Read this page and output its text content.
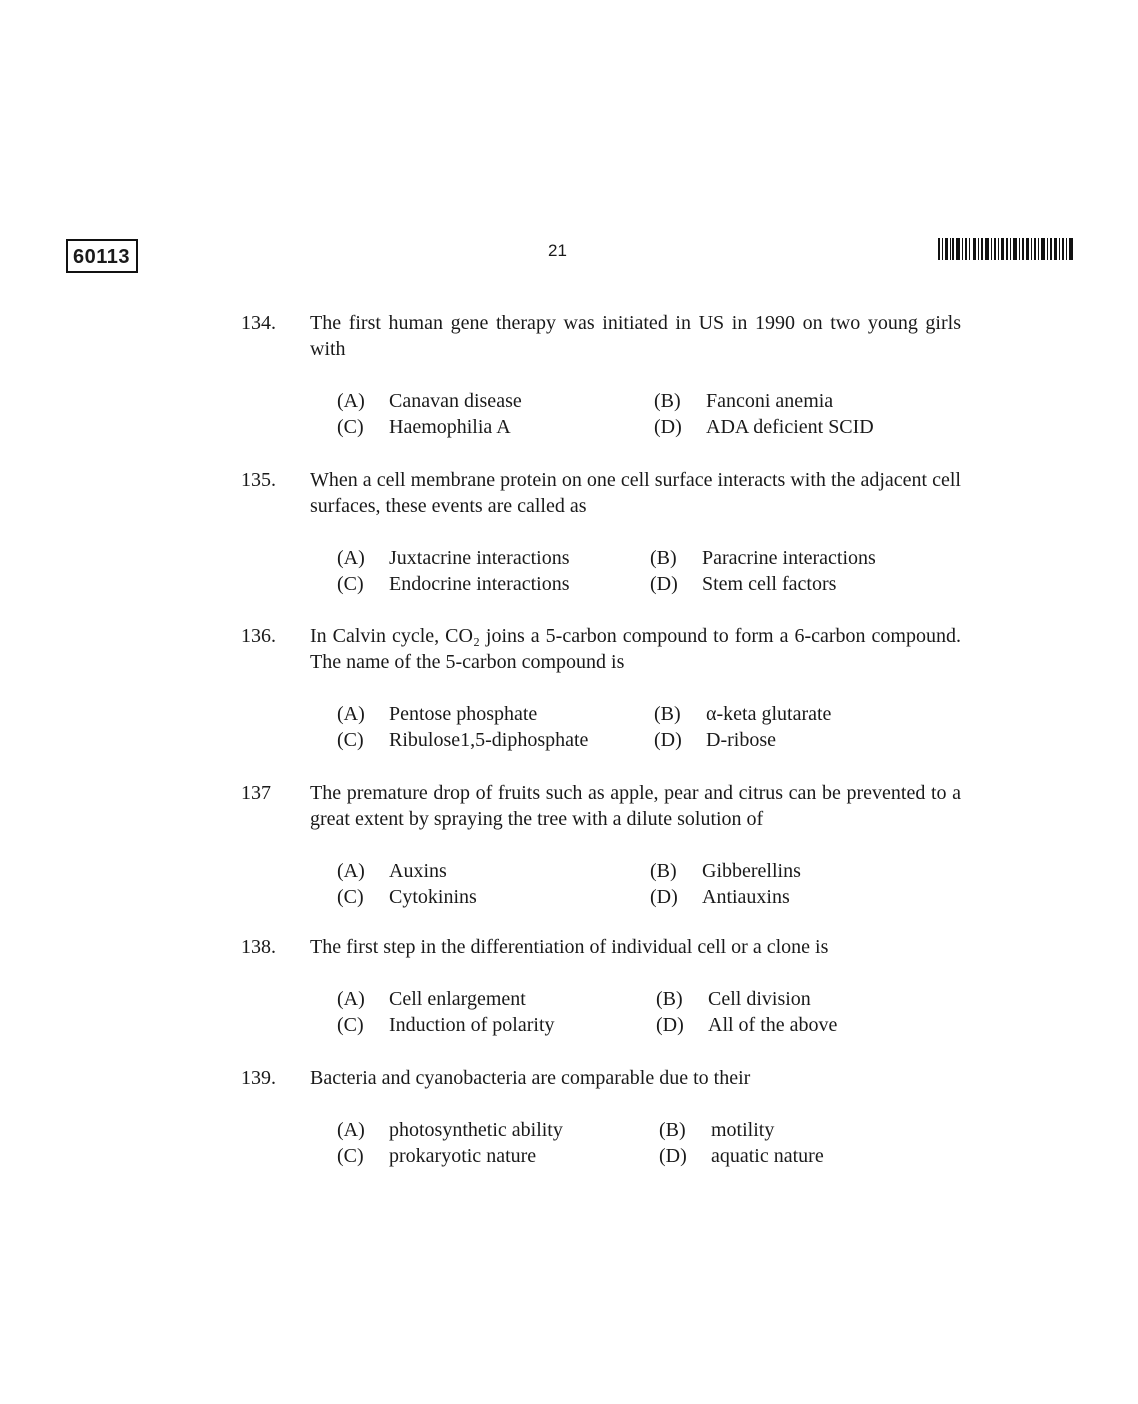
60113	21
134. The first human gene therapy was initiated in US in 1990 on two young girls with
(A) Canavan disease	(B) Fanconi anemia
(C) Haemophilia A	(D) ADA deficient SCID
135. When a cell membrane protein on one cell surface interacts with the adjacent cell surfaces, these events are called as
(A) Juxtacrine interactions	(B) Paracrine interactions
(C) Endocrine interactions	(D) Stem cell factors
136. In Calvin cycle, CO₂ joins a 5-carbon compound to form a 6-carbon compound. The name of the 5-carbon compound is
(A) Pentose phosphate	(B) α-keta glutarate
(C) Ribulose1,5-diphosphate	(D) D-ribose
137 The premature drop of fruits such as apple, pear and citrus can be prevented to a great extent by spraying the tree with a dilute solution of
(A) Auxins	(B) Gibberellins
(C) Cytokinins	(D) Antiauxins
138. The first step in the differentiation of individual cell or a clone is
(A) Cell enlargement	(B) Cell division
(C) Induction of polarity	(D) All of the above
139. Bacteria and cyanobacteria are comparable due to their
(A) photosynthetic ability	(B) motility
(C) prokaryotic nature	(D) aquatic nature
